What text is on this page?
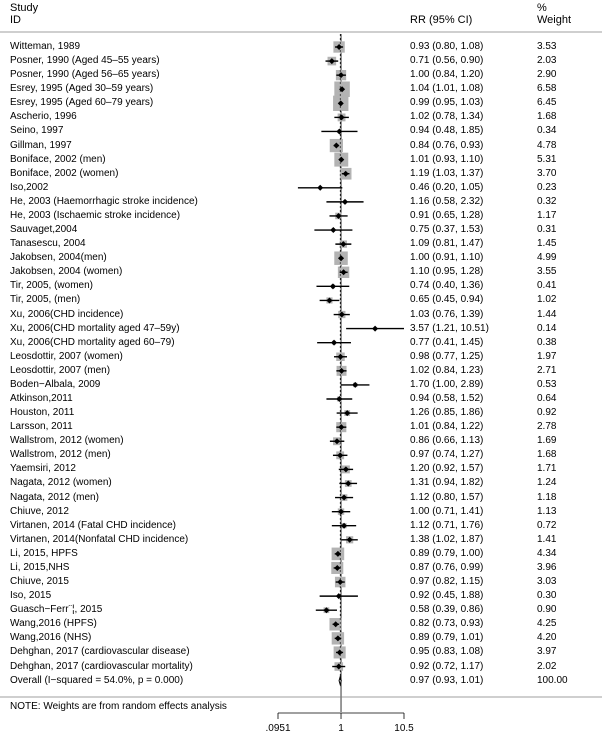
Study
ID	RR (95% CI)
%
Weight
.0951	1	10.5
Witteman, 1989	0.93 (0.80, 1.08)	3.53
Posner, 1990 (Aged 45–55 years)	0.71 (0.56, 0.90)	2.03
Posner, 1990 (Aged 56–65 years)	1.00 (0.84, 1.20)	2.90
Esrey, 1995 (Aged 30–59 years)	1.04 (1.01, 1.08)	6.58
Esrey, 1995 (Aged 60–79 years)	0.99 (0.95, 1.03)	6.45
Ascherio, 1996	1.02 (0.78, 1.34)	1.68
Seino, 1997	0.94 (0.48, 1.85)	0.34
Gillman, 1997	0.84 (0.76, 0.93)	4.78
Boniface, 2002 (men)	1.01 (0.93, 1.10)	5.31
Boniface, 2002 (women)	1.19 (1.03, 1.37)	3.70
Iso,2002	0.46 (0.20, 1.05)	0.23
He, 2003 (Haemorrhagic stroke incidence)	1.16 (0.58, 2.32)	0.32
He, 2003 (Ischaemic stroke incidence)	0.91 (0.65, 1.28)	1.17
Sauvaget,2004	0.75 (0.37, 1.53)	0.31
Tanasescu, 2004	1.09 (0.81, 1.47)	1.45
Jakobsen, 2004(men)	1.00 (0.91, 1.10)	4.99
Jakobsen, 2004 (women)	1.10 (0.95, 1.28)	3.55
Tir, 2005, (women)	0.74 (0.40, 1.36)	0.41
Tir, 2005, (men)	0.65 (0.45, 0.94)	1.02
Xu, 2006(CHD incidence)	1.03 (0.76, 1.39)	1.44
Xu, 2006(CHD mortality aged 47–59y)	3.57 (1.21, 10.51)	0.14
Xu, 2006(CHD mortality aged 60–79)	0.77 (0.41, 1.45)	0.38
Leosdottir, 2007 (women)	0.98 (0.77, 1.25)	1.97
Leosdottir, 2007 (men)	1.02 (0.84, 1.23)	2.71
Boden−Albala, 2009	1.70 (1.00, 2.89)	0.53
Atkinson,2011	0.94 (0.58, 1.52)	0.64
Houston, 2011	1.26 (0.85, 1.86)	0.92
Larsson, 2011	1.01 (0.84, 1.22)	2.78
Wallstrom, 2012 (women)	0.86 (0.66, 1.13)	1.69
Wallstrom, 2012 (men)	0.97 (0.74, 1.27)	1.68
Yaemsiri, 2012	1.20 (0.92, 1.57)	1.71
Nagata, 2012 (women)	1.31 (0.94, 1.82)	1.24
Nagata, 2012 (men)	1.12 (0.80, 1.57)	1.18
Chiuve, 2012	1.00 (0.71, 1.41)	1.13
Virtanen, 2014 (Fatal CHD incidence)	1.12 (0.71, 1.76)	0.72
Virtanen, 2014(Nonfatal CHD incidence)	1.38 (1.02, 1.87)	1.41
Li, 2015, HPFS	0.89 (0.79, 1.00)	4.34
Li, 2015,NHS	0.87 (0.76, 0.99)	3.96
Chiuve, 2015	0.97 (0.82, 1.15)	3.03
Iso, 2015	0.92 (0.45, 1.88)	0.30
Guasch−Ferr¨¦, 2015	0.58 (0.39, 0.86)	0.90
Wang,2016 (HPFS)	0.82 (0.73, 0.93)	4.25
Wang,2016 (NHS)	0.89 (0.79, 1.01)	4.20
Dehghan, 2017 (cardiovascular disease)	0.95 (0.83, 1.08)	3.97
Dehghan, 2017 (cardiovascular mortality)	0.92 (0.72, 1.17)	2.02
Overall (I−squared = 54.0%, p = 0.000)	0.97 (0.93, 1.01)	100.00
NOTE: Weights are from random effects analysis
